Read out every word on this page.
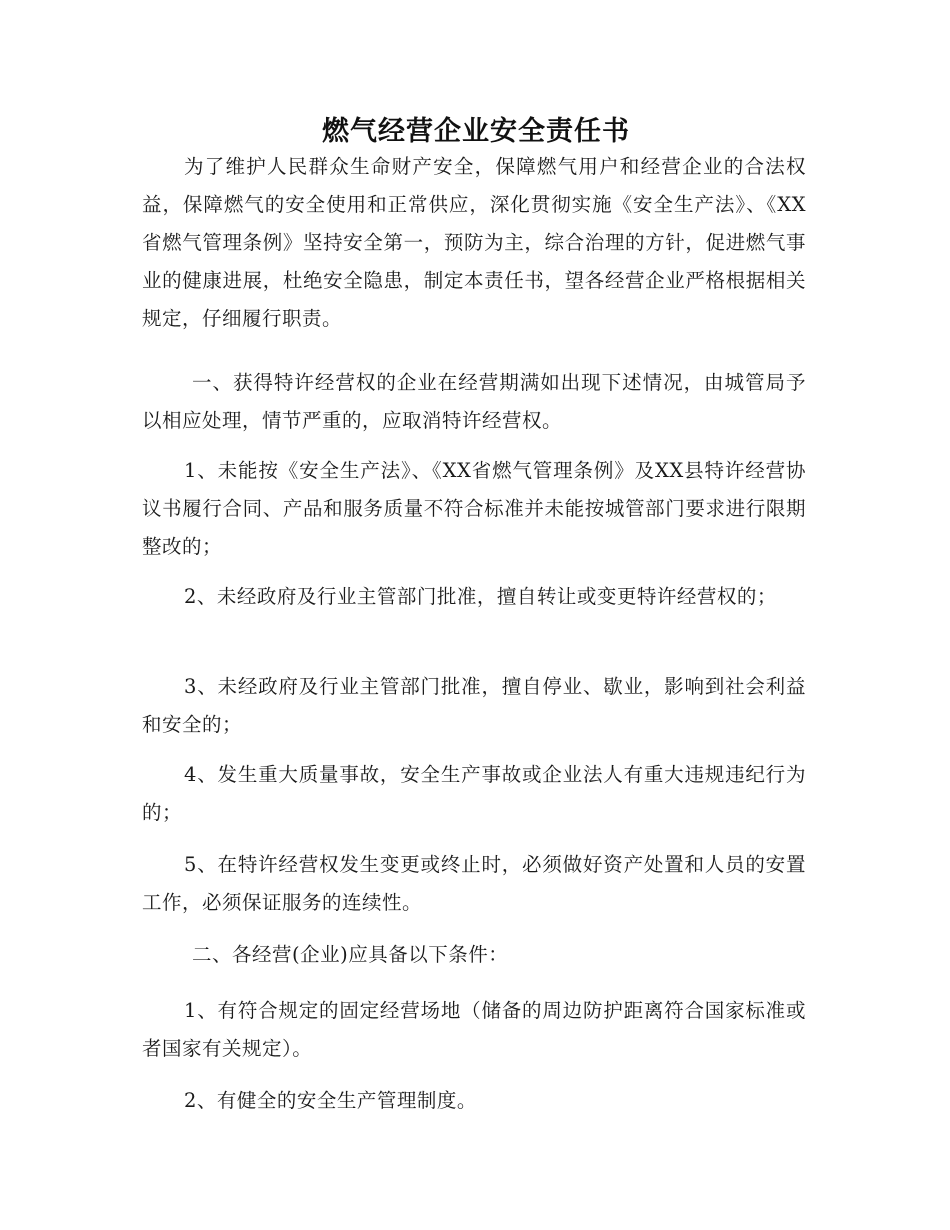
燃气经营企业安全责任书

为了维护人民群众生命财产安全，保障燃气用户和经营企业的合法权益，保障燃气的安全使用和正常供应，深化贯彻实施《安全生产法》、《XX省燃气管理条例》坚持安全第一，预防为主，综合治理的方针，促进燃气事业的健康进展，杜绝安全隐患，制定本责任书，望各经营企业严格根据相关规定，仔细履行职责。

一、获得特许经营权的企业在经营期满如出现下述情况，由城管局予以相应处理，情节严重的，应取消特许经营权。

1、未能按《安全生产法》、《XX省燃气管理条例》及XX县特许经营协议书履行合同、产品和服务质量不符合标准并未能按城管部门要求进行限期整改的；

2、未经政府及行业主管部门批准，擅自转让或变更特许经营权的；

3、未经政府及行业主管部门批准，擅自停业、歇业，影响到社会利益和安全的；

4、发生重大质量事故，安全生产事故或企业法人有重大违规违纪行为的；

5、在特许经营权发生变更或终止时，必须做好资产处置和人员的安置工作，必须保证服务的连续性。

二、各经营(企业)应具备以下条件：

1、有符合规定的固定经营场地（储备的周边防护距离符合国家标准或者国家有关规定）。

2、有健全的安全生产管理制度。
